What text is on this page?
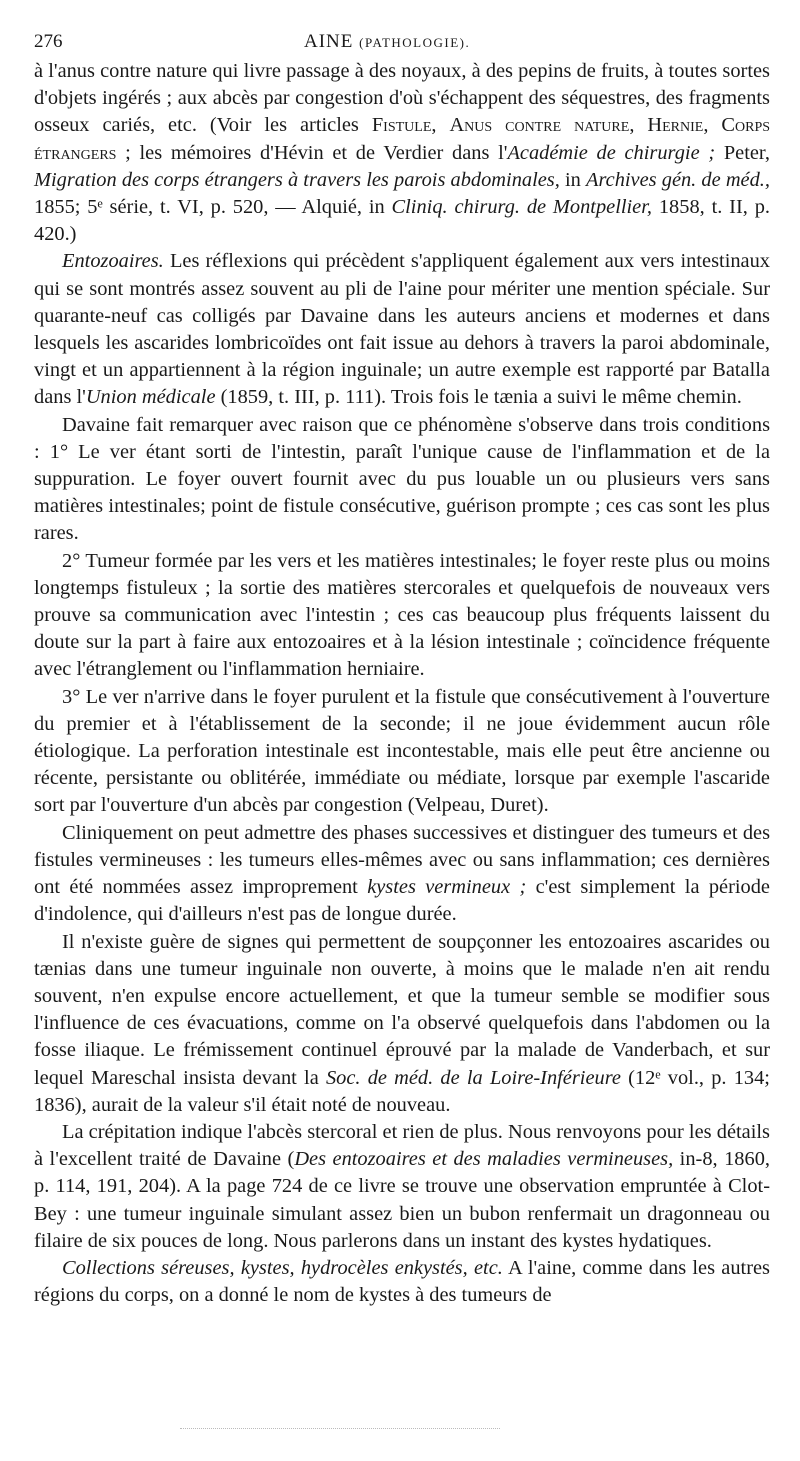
276	AINE (PATHOLOGIE).

à l'anus contre nature qui livre passage à des noyaux, à des pepins de fruits, à toutes sortes d'objets ingérés ; aux abcès par congestion d'où s'échappent des séquestres, des fragments osseux cariés, etc. (Voir les articles Fistule, Anus contre nature, Hernie, Corps étrangers ; les mémoires d'Hévin et de Verdier dans l'Académie de chirurgie ; Peter, Migration des corps étrangers à travers les parois abdominales, in Archives gén. de méd., 1855; 5ᵉ série, t. VI, p. 520, — Alquié, in Cliniq. chirurg. de Montpellier, 1858, t. II, p. 420.)

Entozoaires. Les réflexions qui précèdent s'appliquent également aux vers intestinaux qui se sont montrés assez souvent au pli de l'aine pour mériter une mention spéciale. Sur quarante-neuf cas colligés par Davaine dans les auteurs anciens et modernes et dans lesquels les ascarides lombricoïdes ont fait issue au dehors à travers la paroi abdominale, vingt et un appartiennent à la région inguinale; un autre exemple est rapporté par Batalla dans l'Union médicale (1859, t. III, p. 111). Trois fois le tænia a suivi le même chemin.

Davaine fait remarquer avec raison que ce phénomène s'observe dans trois conditions : 1° Le ver étant sorti de l'intestin, paraît l'unique cause de l'inflammation et de la suppuration. Le foyer ouvert fournit avec du pus louable un ou plusieurs vers sans matières intestinales; point de fistule consécutive, guérison prompte ; ces cas sont les plus rares.

2° Tumeur formée par les vers et les matières intestinales; le foyer reste plus ou moins longtemps fistuleux ; la sortie des matières stercorales et quelquefois de nouveaux vers prouve sa communication avec l'intestin ; ces cas beaucoup plus fréquents laissent du doute sur la part à faire aux entozoaires et à la lésion intestinale ; coïncidence fréquente avec l'étranglement ou l'inflammation herniaire.

3° Le ver n'arrive dans le foyer purulent et la fistule que consécutivement à l'ouverture du premier et à l'établissement de la seconde; il ne joue évidemment aucun rôle étiologique. La perforation intestinale est incontestable, mais elle peut être ancienne ou récente, persistante ou oblitérée, immédiate ou médiate, lorsque par exemple l'ascaride sort par l'ouverture d'un abcès par congestion (Velpeau, Duret).

Cliniquement on peut admettre des phases successives et distinguer des tumeurs et des fistules vermineuses : les tumeurs elles-mêmes avec ou sans inflammation; ces dernières ont été nommées assez improprement kystes vermineux ; c'est simplement la période d'indolence, qui d'ailleurs n'est pas de longue durée.

Il n'existe guère de signes qui permettent de soupçonner les entozoaires ascarides ou tænias dans une tumeur inguinale non ouverte, à moins que le malade n'en ait rendu souvent, n'en expulse encore actuellement, et que la tumeur semble se modifier sous l'influence de ces évacuations, comme on l'a observé quelquefois dans l'abdomen ou la fosse iliaque. Le frémissement continuel éprouvé par la malade de Vanderbach, et sur lequel Mareschal insista devant la Soc. de méd. de la Loire-Inférieure (12ᵉ vol., p. 134; 1836), aurait de la valeur s'il était noté de nouveau.

La crépitation indique l'abcès stercoral et rien de plus. Nous renvoyons pour les détails à l'excellent traité de Davaine (Des entozoaires et des maladies vermineuses, in-8, 1860, p. 114, 191, 204). A la page 724 de ce livre se trouve une observation empruntée à Clot-Bey : une tumeur inguinale simulant assez bien un bubon renfermait un dragonneau ou filaire de six pouces de long. Nous parlerons dans un instant des kystes hydatiques.

Collections séreuses, kystes, hydrocèles enkystés, etc. A l'aine, comme dans les autres régions du corps, on a donné le nom de kystes à des tumeurs de
